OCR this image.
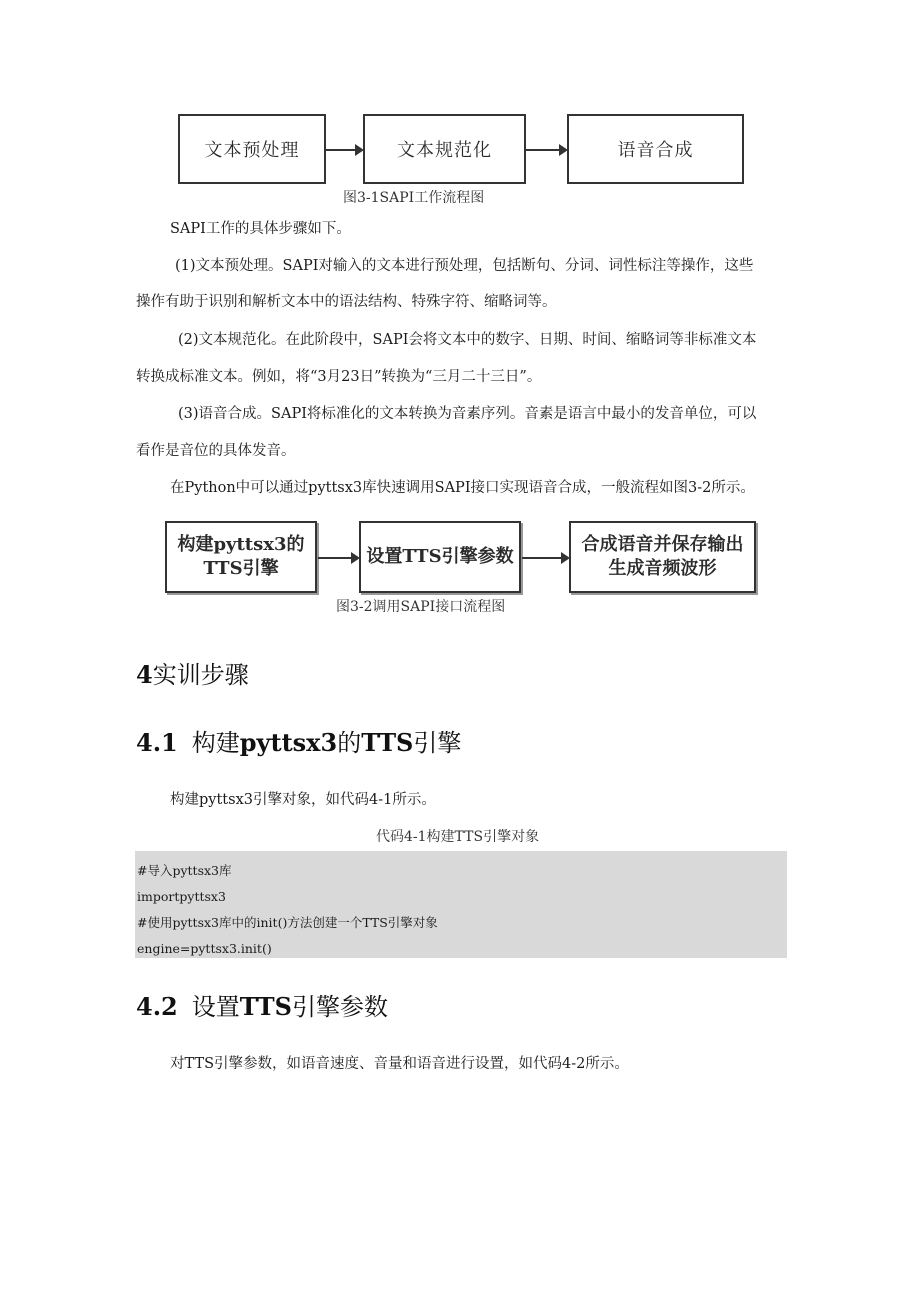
文本预处理	文本规范化	语音合成
图3-1SAPI工作流程图
SAPI工作的具体步骤如下。
(1)文本预处理。SAPI对输入的文本进行预处理，包括断句、分词、词性标注等操作，这些
操作有助于识别和解析文本中的语法结构、特殊字符、缩略词等。
(2)文本规范化。在此阶段中，SAPI会将文本中的数字、日期、时间、缩略词等非标准文本
转换成标准文本。例如，将“3月23日”转换为“三月二十三日”。
(3)语音合成。SAPI将标准化的文本转换为音素序列。音素是语言中最小的发音单位，可以
看作是音位的具体发音。
在Python中可以通过pyttsx3库快速调用SAPI接口实现语音合成，一般流程如图3-2所示。
构建pyttsx3的
TTS引擎
设置TTS引擎参数
合成语音并保存输出
生成音频波形
图3-2调用SAPI接口流程图
4实训步骤
4.1 构建pyttsx3的TTS引擎
构建pyttsx3引擎对象，如代码4-1所示。
代码4-1构建TTS引擎对象
#导入pyttsx3库
importpyttsx3
#使用pyttsx3库中的init()方法创建一个TTS引擎对象
engine=pyttsx3.init()
4.2 设置TTS引擎参数
对TTS引擎参数，如语音速度、音量和语音进行设置，如代码4-2所示。
